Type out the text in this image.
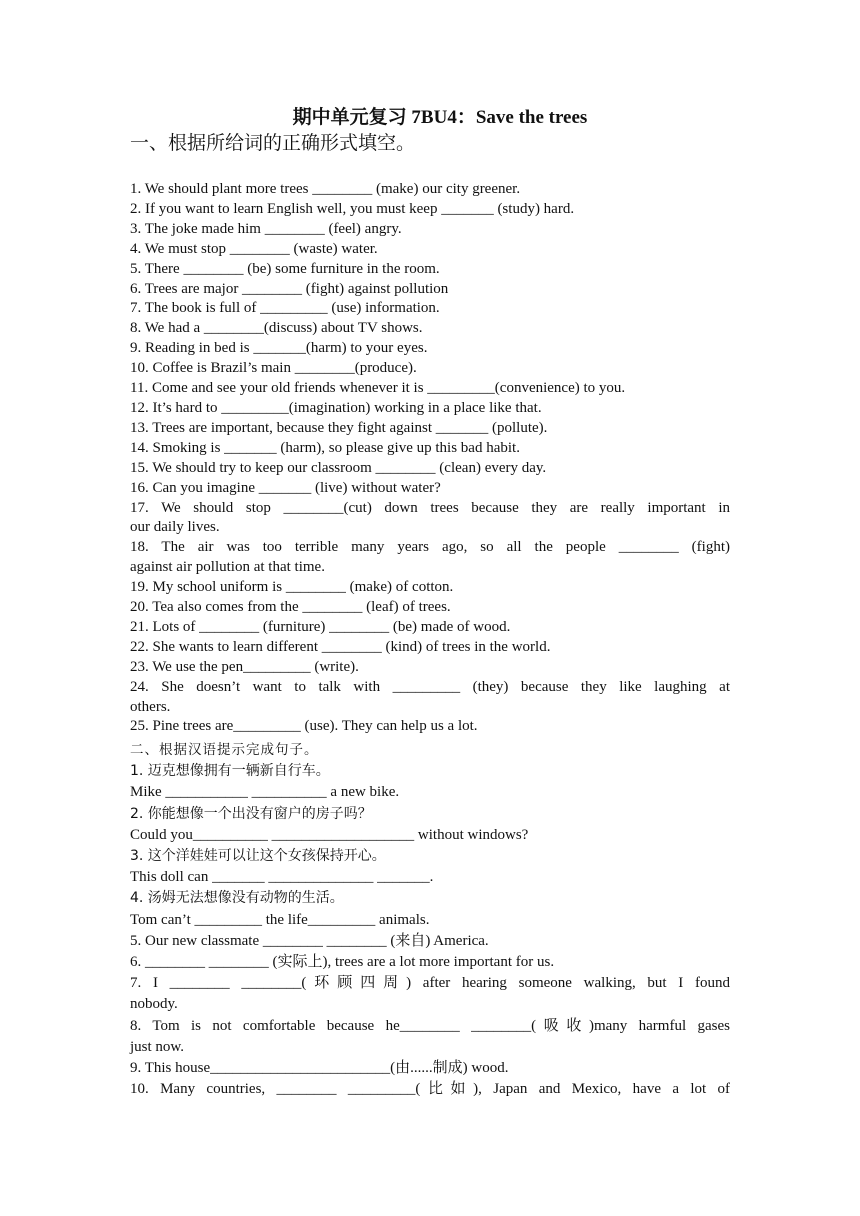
期中单元复习 7BU4：Save the trees
一、根据所给词的正确形式填空。

1. We should plant more trees ________ (make) our city greener.

2. If you want to learn English well, you must keep _______ (study) hard.

3. The joke made him ________ (feel) angry.

4. We must stop ________ (waste) water.

5. There ________ (be) some furniture in the room.

6. Trees are major ________ (fight) against pollution

7. The book is full of _________ (use) information.

8. We had a ________(discuss) about TV shows.

9. Reading in bed is _______(harm) to your eyes.

10. Coffee is Brazil’s main ________(produce).

11. Come and see your old friends whenever it is _________(convenience) to you.

12. It’s hard to _________(imagination) working in a place like that.

13. Trees are important, because they fight against _______ (pollute).

14. Smoking is _______ (harm), so please give up this bad habit.

15. We should try to keep our classroom ________ (clean) every day.

16. Can you imagine _______ (live) without water?

17. We should stop ________(cut) down trees because they are really important in

our daily lives.

18. The air was too terrible many years ago, so all the people ________ (fight)

against air pollution at that time.

19. My school uniform is ________ (make) of cotton.

20. Tea also comes from the ________ (leaf) of trees.

21. Lots of ________ (furniture) ________ (be) made of wood.

22. She wants to learn different ________ (kind) of trees in the world.

23. We use the pen_________ (write).

24. She doesn’t want to talk with _________ (they) because they like laughing at

others.

25. Pine trees are_________ (use). They can help us a lot.

二、根据汉语提示完成句子。

1. 迈克想像拥有一辆新自行车。

Mike ___________ __________ a new bike.

2. 你能想像一个出没有窗户的房子吗？

Could you__________ ___________________ without windows?

3. 这个洋娃娃可以让这个女孩保持开心。

This doll can _______ ______________ _______.

4. 汤姆无法想像没有动物的生活。

Tom can’t _________ the life_________ animals.

5. Our new classmate ________ ________ (来自) America.

6. ________ ________ (实际上), trees are a lot more important for us.

7. I ________ ________(环顾四周) after hearing someone walking, but I found

nobody.

8. Tom is not comfortable because he________ ________(吸收)many harmful gases

just now.

9. This house________________________(由......制成) wood.

10. Many countries, ________ _________(比如), Japan and Mexico, have a lot of
